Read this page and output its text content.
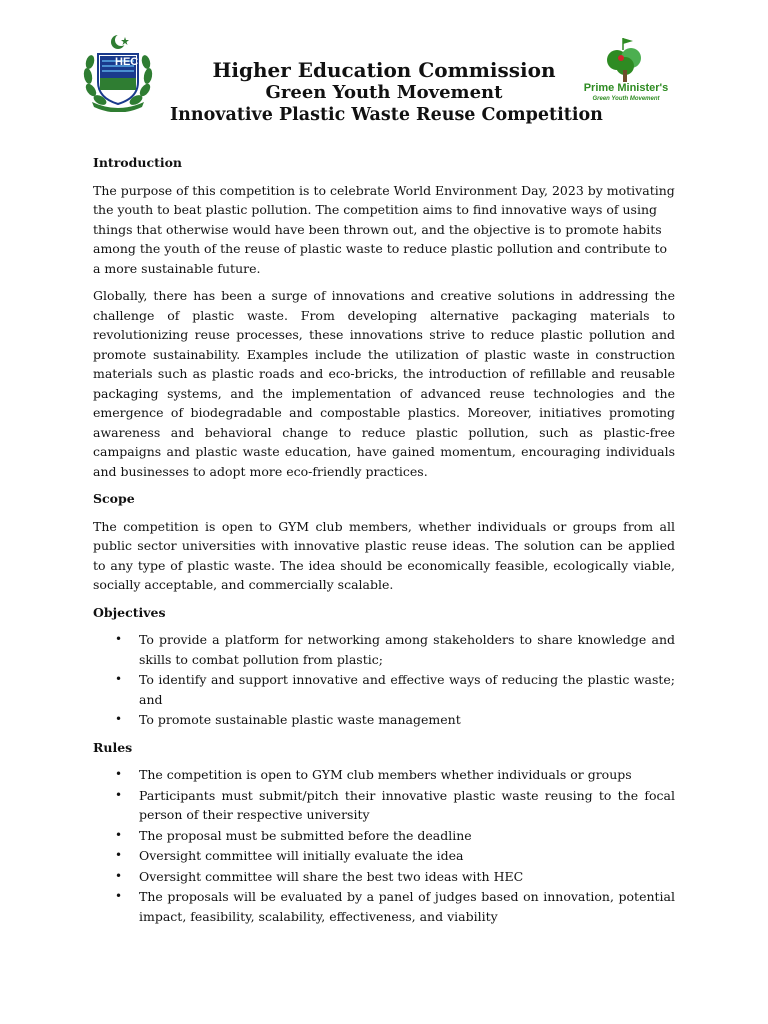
HEC	Higher Education Commission
Green Youth Movement
Innovative Plastic Waste Reuse Competition
Prime Minister's
Green Youth Movement
Introduction

The purpose of this competition is to celebrate World Environment Day, 2023 by motivating the youth to beat plastic pollution. The competition aims to find innovative ways of using things that otherwise would have been thrown out, and the objective is to promote habits among the youth of the reuse of plastic waste to reduce plastic pollution and contribute to a more sustainable future.

Globally, there has been a surge of innovations and creative solutions in addressing the challenge of plastic waste. From developing alternative packaging materials to revolutionizing reuse processes, these innovations strive to reduce plastic pollution and promote sustainability. Examples include the utilization of plastic waste in construction materials such as plastic roads and eco-bricks, the introduction of refillable and reusable packaging systems, and the implementation of advanced reuse technologies and the emergence of biodegradable and compostable plastics. Moreover, initiatives promoting awareness and behavioral change to reduce plastic pollution, such as plastic-free campaigns and plastic waste education, have gained momentum, encouraging individuals and businesses to adopt more eco-friendly practices.

Scope

The competition is open to GYM club members, whether individuals or groups from all public sector universities with innovative plastic reuse ideas. The solution can be applied to any type of plastic waste. The idea should be economically feasible, ecologically viable, socially acceptable, and commercially scalable.

Objectives
• To provide a platform for networking among stakeholders to share knowledge and skills to combat pollution from plastic;
• To identify and support innovative and effective ways of reducing the plastic waste; and
• To promote sustainable plastic waste management
Rules
• The competition is open to GYM club members whether individuals or groups
• Participants must submit/pitch their innovative plastic waste reusing to the focal person of their respective university
• The proposal must be submitted before the deadline
• Oversight committee will initially evaluate the idea
• Oversight committee will share the best two ideas with HEC
• The proposals will be evaluated by a panel of judges based on innovation, potential impact, feasibility, scalability, effectiveness, and viability
